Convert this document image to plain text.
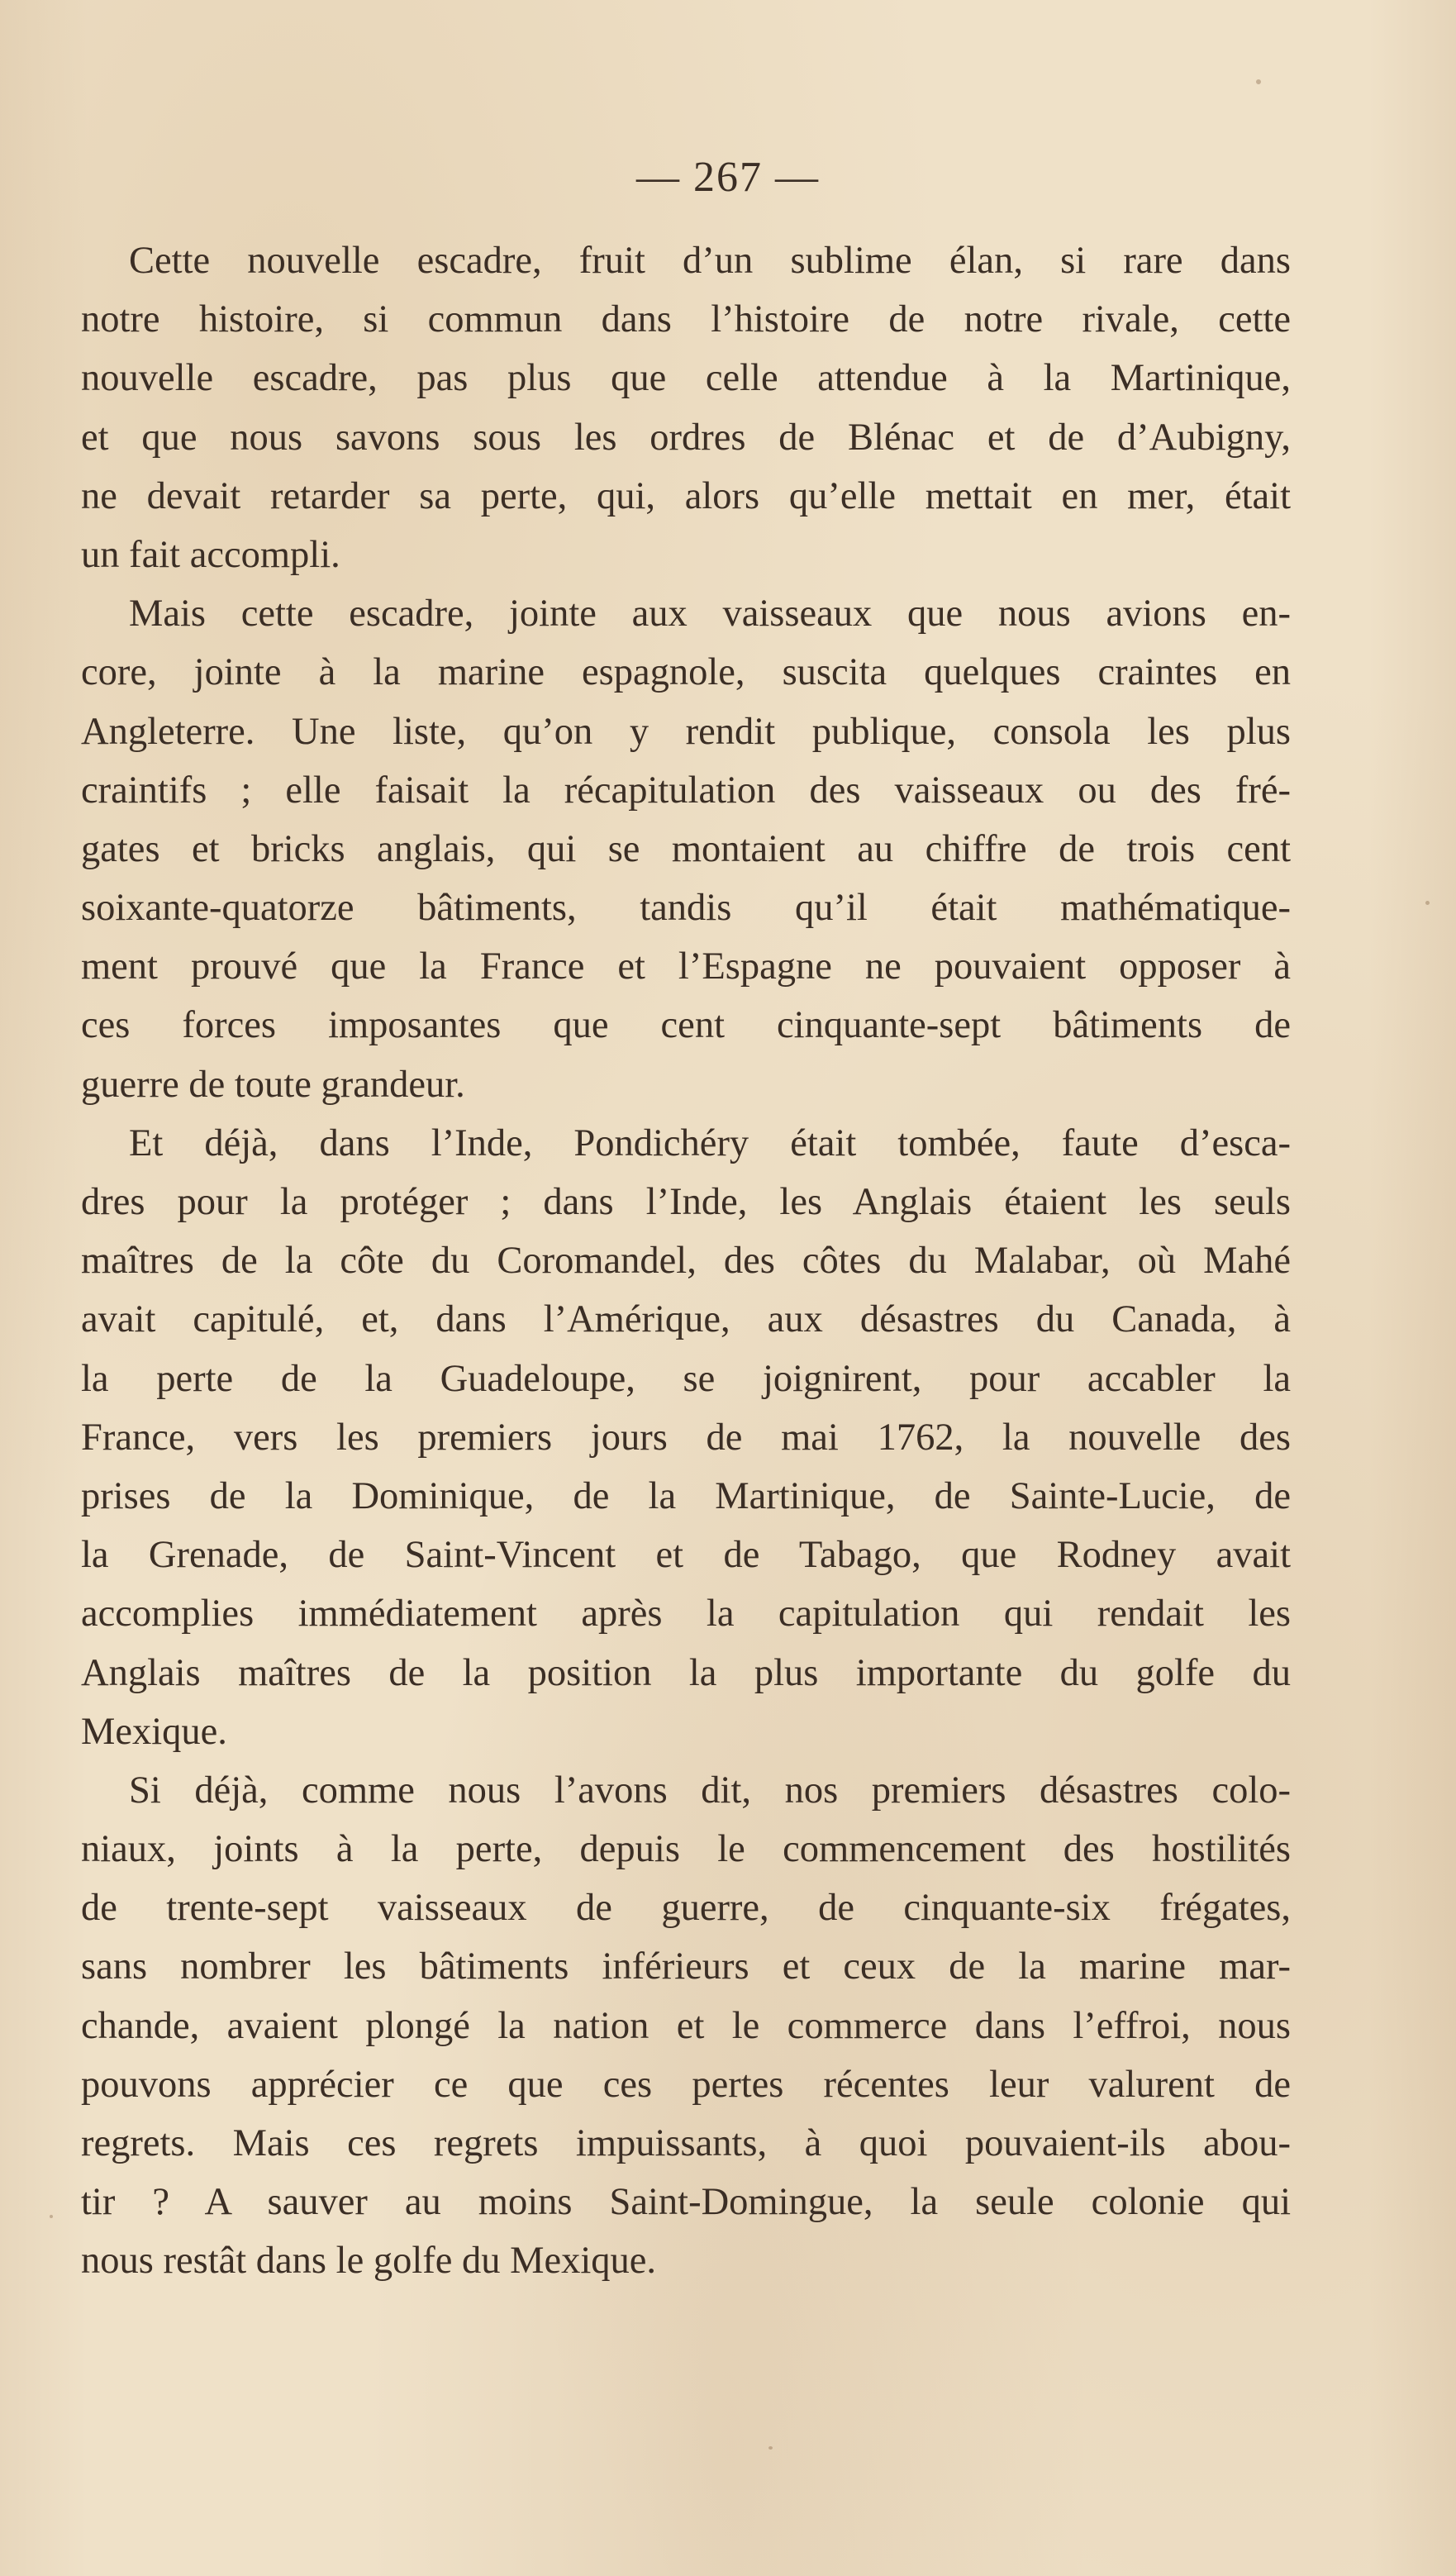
— 267 —
Cette nouvelle escadre, fruit d’un sublime élan, si rare dans
notre histoire, si commun dans l’histoire de notre rivale, cette
nouvelle escadre, pas plus que celle attendue à la Martinique,
et que nous savons sous les ordres de Blénac et de d’Aubigny,
ne devait retarder sa perte, qui, alors qu’elle mettait en mer, était
un fait accompli.
Mais cette escadre, jointe aux vaisseaux que nous avions en-
core, jointe à la marine espagnole, suscita quelques craintes en
Angleterre. Une liste, qu’on y rendit publique, consola les plus
craintifs ; elle faisait la récapitulation des vaisseaux ou des fré-
gates et bricks anglais, qui se montaient au chiffre de trois cent
soixante-quatorze bâtiments, tandis qu’il était mathématique-
ment prouvé que la France et l’Espagne ne pouvaient opposer à
ces forces imposantes que cent cinquante-sept bâtiments de
guerre de toute grandeur.
Et déjà, dans l’Inde, Pondichéry était tombée, faute d’esca-
dres pour la protéger ; dans l’Inde, les Anglais étaient les seuls
maîtres de la côte du Coromandel, des côtes du Malabar, où Mahé
avait capitulé, et, dans l’Amérique, aux désastres du Canada, à
la perte de la Guadeloupe, se joignirent, pour accabler la
France, vers les premiers jours de mai 1762, la nouvelle des
prises de la Dominique, de la Martinique, de Sainte-Lucie, de
la Grenade, de Saint-Vincent et de Tabago, que Rodney avait
accomplies immédiatement après la capitulation qui rendait les
Anglais maîtres de la position la plus importante du golfe du
Mexique.
Si déjà, comme nous l’avons dit, nos premiers désastres colo-
niaux, joints à la perte, depuis le commencement des hostilités
de trente-sept vaisseaux de guerre, de cinquante-six frégates,
sans nombrer les bâtiments inférieurs et ceux de la marine mar-
chande, avaient plongé la nation et le commerce dans l’effroi, nous
pouvons apprécier ce que ces pertes récentes leur valurent de
regrets. Mais ces regrets impuissants, à quoi pouvaient-ils abou-
tir ? A sauver au moins Saint-Domingue, la seule colonie qui
nous restât dans le golfe du Mexique.
